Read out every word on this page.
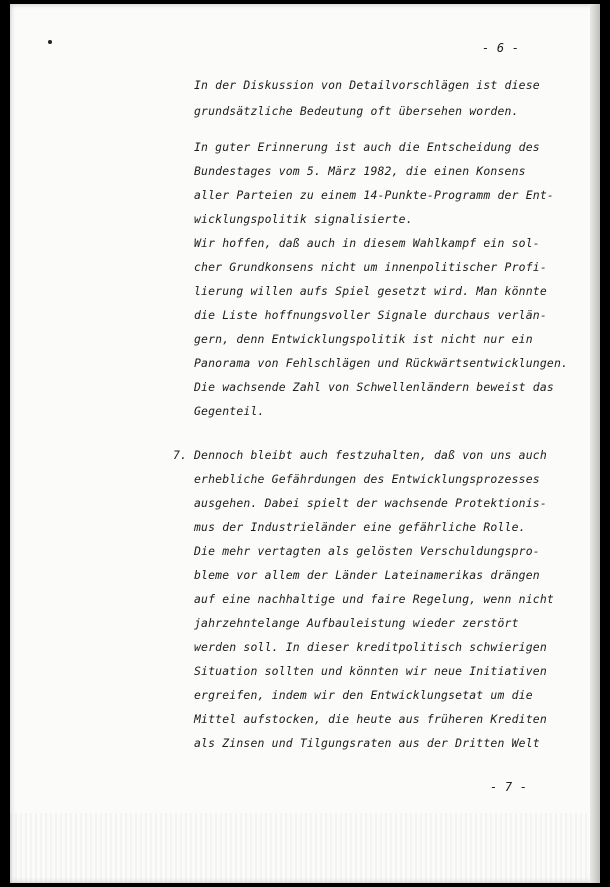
- 6 -
In der Diskussion von Detailvorschlägen ist diese
grundsätzliche Bedeutung oft übersehen worden.
In guter Erinnerung ist auch die Entscheidung des
Bundestages vom 5. März 1982, die einen Konsens
aller Parteien zu einem 14-Punkte-Programm der Ent-
wicklungspolitik signalisierte.
Wir hoffen, daß auch in diesem Wahlkampf ein sol-
cher Grundkonsens nicht um innenpolitischer Profi-
lierung willen aufs Spiel gesetzt wird. Man könnte
die Liste hoffnungsvoller Signale durchaus verlän-
gern, denn Entwicklungspolitik ist nicht nur ein
Panorama von Fehlschlägen und Rückwärtsentwicklungen.
Die wachsende Zahl von Schwellenländern beweist das
Gegenteil.
7. Dennoch bleibt auch festzuhalten, daß von uns auch
erhebliche Gefährdungen des Entwicklungsprozesses
ausgehen. Dabei spielt der wachsende Protektionis-
mus der Industrieländer eine gefährliche Rolle.
Die mehr vertagten als gelösten Verschuldungspro-
bleme vor allem der Länder Lateinamerikas drängen
auf eine nachhaltige und faire Regelung, wenn nicht
jahrzehntelange Aufbauleistung wieder zerstört
werden soll. In dieser kreditpolitisch schwierigen
Situation sollten und könnten wir neue Initiativen
ergreifen, indem wir den Entwicklungsetat um die
Mittel aufstocken, die heute aus früheren Krediten
als Zinsen und Tilgungsraten aus der Dritten Welt
- 7 -
